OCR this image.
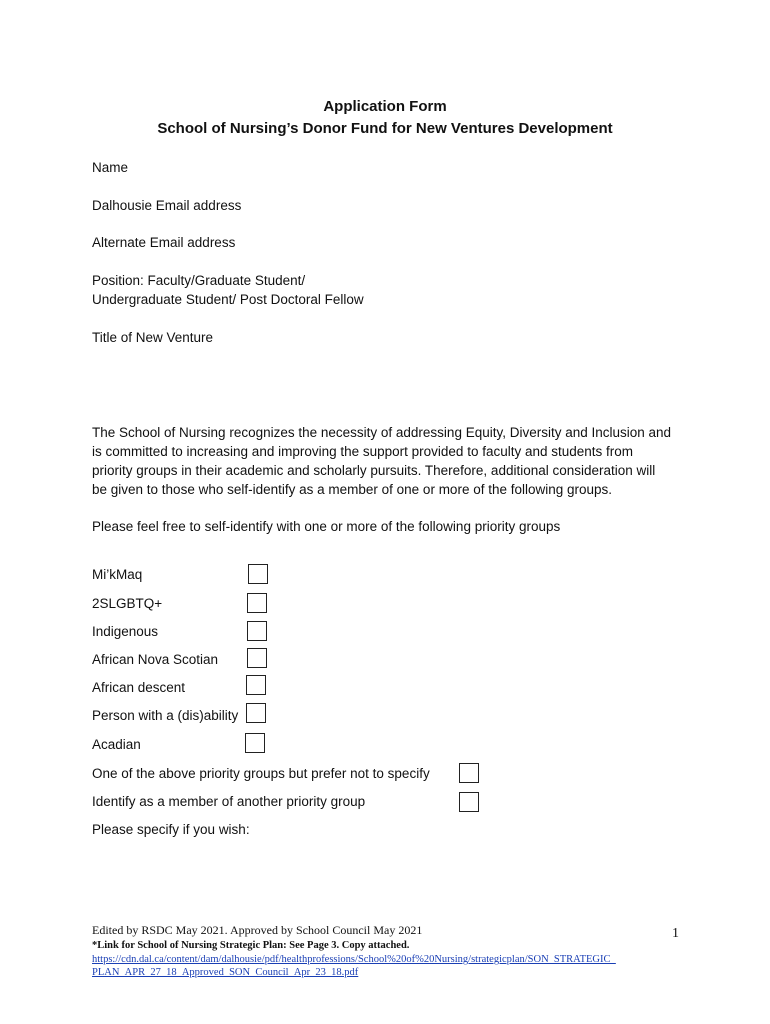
Application Form
School of Nursing’s Donor Fund for New Ventures Development
Name
Dalhousie Email address
Alternate Email address
Position: Faculty/Graduate Student/
Undergraduate Student/ Post Doctoral Fellow
Title of New Venture
The School of Nursing recognizes the necessity of addressing Equity, Diversity and Inclusion and
is committed to increasing and improving the support provided to faculty and students from
priority groups in their academic and scholarly pursuits. Therefore, additional consideration will
be given to those who self-identify as a member of one or more of the following groups.
Please feel free to self-identify with one or more of the following priority groups
Mi’kMaq
2SLGBTQ+
Indigenous
African Nova Scotian
African descent
Person with a (dis)ability
Acadian
One of the above priority groups but prefer not to specify
Identify as a member of another priority group
Please specify if you wish:
Edited by RSDC May 2021. Approved by School Council May 2021
*Link for School of Nursing Strategic Plan: See Page 3. Copy attached.
https://cdn.dal.ca/content/dam/dalhousie/pdf/healthprofessions/School%20of%20Nursing/strategicplan/SON_STRATEGIC_
PLAN_APR_27_18_Approved_SON_Council_Apr_23_18.pdf
1
